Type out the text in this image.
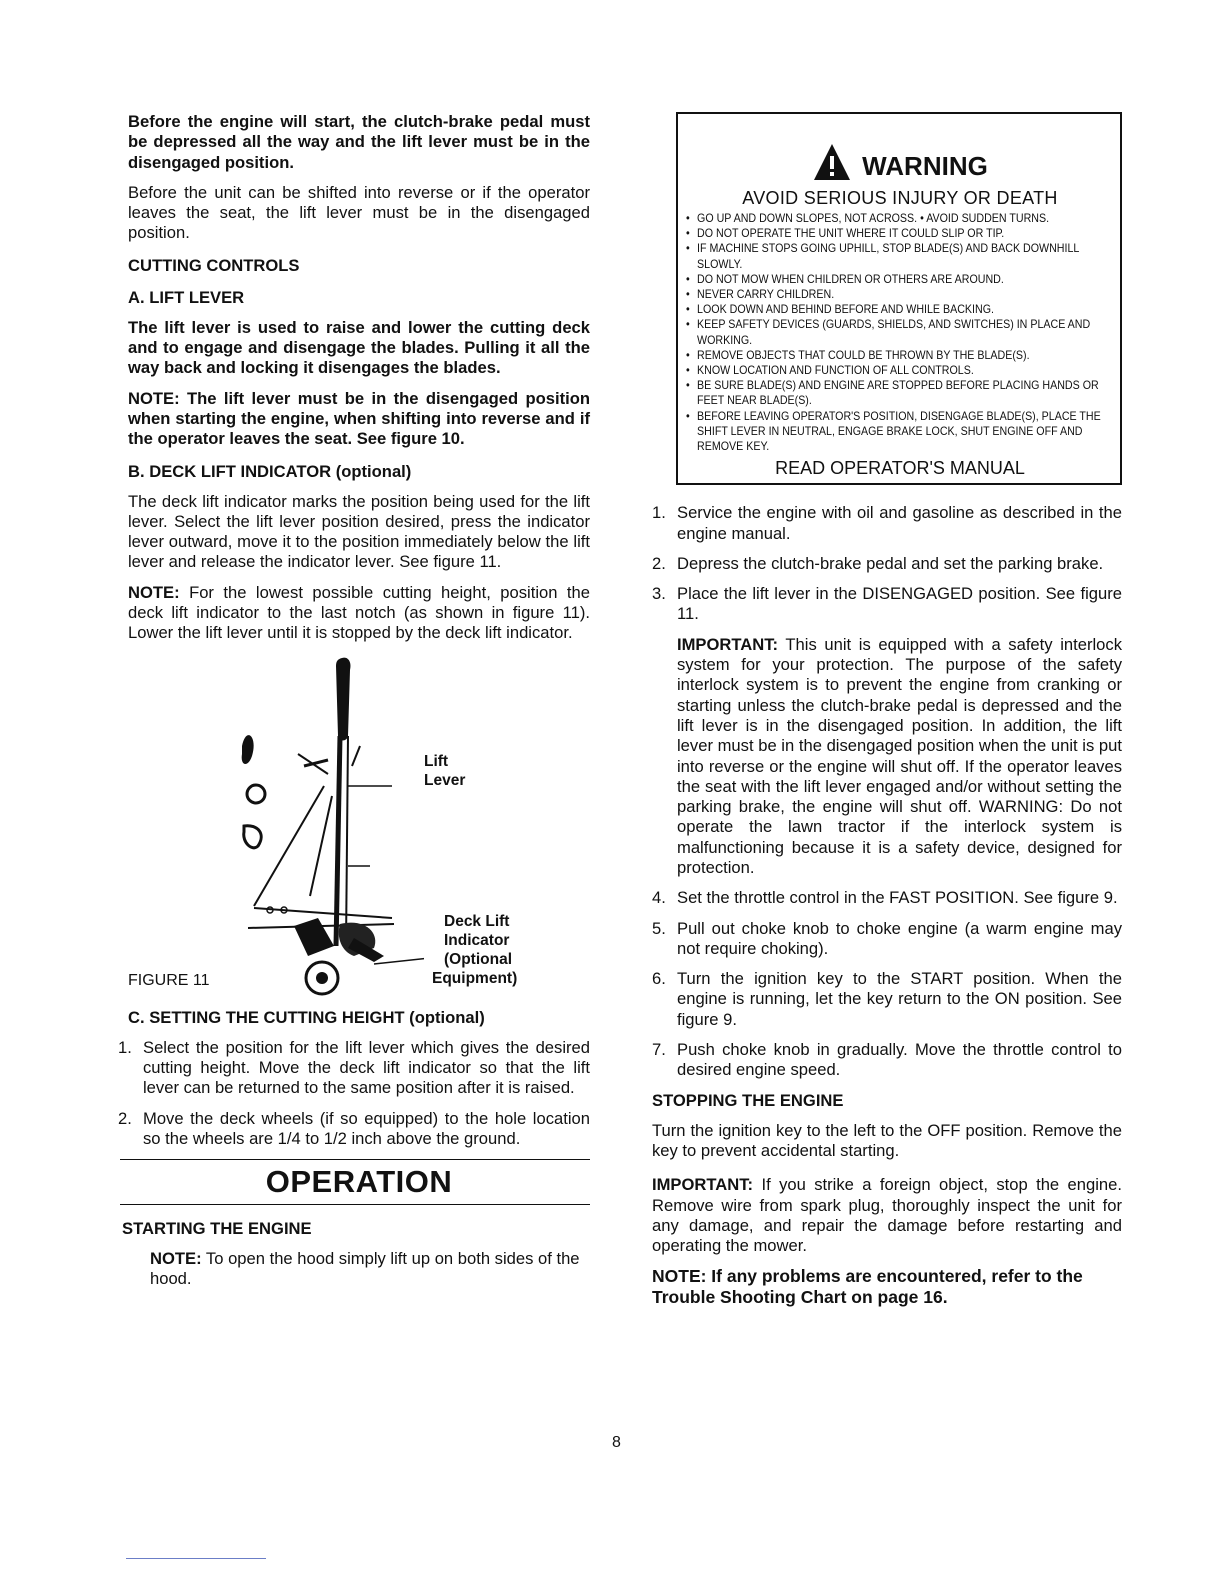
Before the engine will start, the clutch-brake pedal must be depressed all the way and the lift lever must be in the disengaged position.

Before the unit can be shifted into reverse or if the operator leaves the seat, the lift lever must be in the disengaged position.

CUTTING CONTROLS
A. LIFT LEVER

The lift lever is used to raise and lower the cutting deck and to engage and disengage the blades. Pulling it all the way back and locking it disengages the blades.

NOTE: The lift lever must be in the disengaged position when starting the engine, when shifting into reverse and if the operator leaves the seat. See figure 10.

B. DECK LIFT INDICATOR (optional)

The deck lift indicator marks the position being used for the lift lever. Select the lift lever position desired, press the indicator lever outward, move it to the position immediately below the lift lever and release the indicator lever. See figure 11.

NOTE: For the lowest possible cutting height, position the deck lift indicator to the last notch (as shown in figure 11). Lower the lift lever until it is stopped by the deck lift indicator.

Lift
Lever
Deck Lift
Indicator
(Optional
Equipment)
FIGURE 11
C. SETTING THE CUTTING HEIGHT (optional)
1. Select the position for the lift lever which gives the desired cutting height. Move the deck lift indicator so that the lift lever can be returned to the same position after it is raised.
2. Move the deck wheels (if so equipped) to the hole location so the wheels are 1/4 to 1/2 inch above the ground.
OPERATION
STARTING THE ENGINE

NOTE: To open the hood simply lift up on both sides of the hood.

WARNING
AVOID SERIOUS INJURY OR DEATH
• GO UP AND DOWN SLOPES, NOT ACROSS. • AVOID SUDDEN TURNS.
• DO NOT OPERATE THE UNIT WHERE IT COULD SLIP OR TIP.
• IF MACHINE STOPS GOING UPHILL, STOP BLADE(S) AND BACK DOWNHILL SLOWLY.
• DO NOT MOW WHEN CHILDREN OR OTHERS ARE AROUND.
• NEVER CARRY CHILDREN.
• LOOK DOWN AND BEHIND BEFORE AND WHILE BACKING.
• KEEP SAFETY DEVICES (GUARDS, SHIELDS, AND SWITCHES) IN PLACE AND WORKING.
• REMOVE OBJECTS THAT COULD BE THROWN BY THE BLADE(S).
• KNOW LOCATION AND FUNCTION OF ALL CONTROLS.
• BE SURE BLADE(S) AND ENGINE ARE STOPPED BEFORE PLACING HANDS OR FEET NEAR BLADE(S).
• BEFORE LEAVING OPERATOR'S POSITION, DISENGAGE BLADE(S), PLACE THE SHIFT LEVER IN NEUTRAL, ENGAGE BRAKE LOCK, SHUT ENGINE OFF AND REMOVE KEY.
READ OPERATOR'S MANUAL
1. Service the engine with oil and gasoline as described in the engine manual.
2. Depress the clutch-brake pedal and set the parking brake.
3. Place the lift lever in the DISENGAGED position. See figure 11.

IMPORTANT: This unit is equipped with a safety interlock system for your protection. The purpose of the safety interlock system is to prevent the engine from cranking or starting unless the clutch-brake pedal is depressed and the lift lever is in the disengaged position. In addition, the lift lever must be in the disengaged position when the unit is put into reverse or the engine will shut off. If the operator leaves the seat with the lift lever engaged and/or without setting the parking brake, the engine will shut off. WARNING: Do not operate the lawn tractor if the interlock system is malfunctioning because it is a safety device, designed for protection.

4. Set the throttle control in the FAST POSITION. See figure 9.
5. Pull out choke knob to choke engine (a warm engine may not require choking).
6. Turn the ignition key to the START position. When the engine is running, let the key return to the ON position. See figure 9.
7. Push choke knob in gradually. Move the throttle control to desired engine speed.
STOPPING THE ENGINE

Turn the ignition key to the left to the OFF position. Remove the key to prevent accidental starting.

IMPORTANT: If you strike a foreign object, stop the engine. Remove wire from spark plug, thoroughly inspect the unit for any damage, and repair the damage before restarting and operating the mower.

NOTE: If any problems are encountered, refer to the Trouble Shooting Chart on page 16.

8
